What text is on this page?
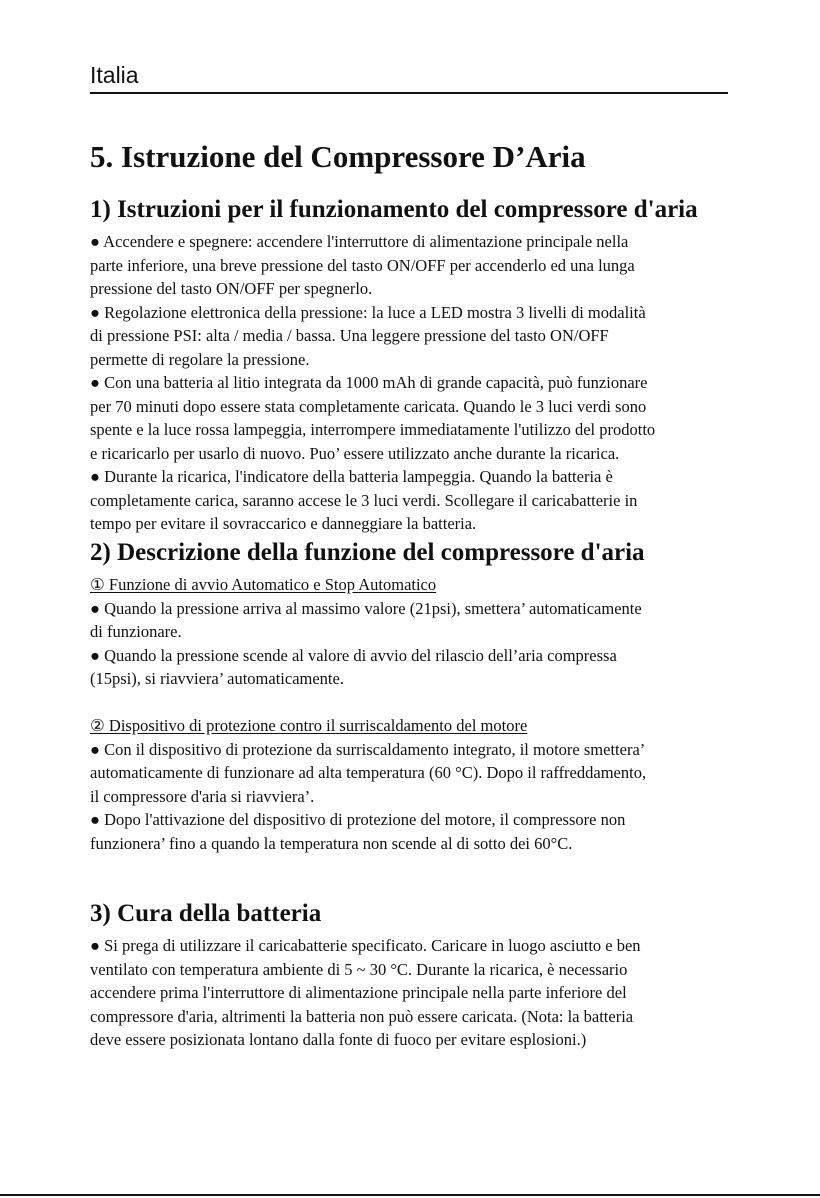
Italia
5. Istruzione del Compressore D’Aria
1) Istruzioni per il funzionamento del compressore d'aria
● Accendere e spegnere: accendere l'interruttore di alimentazione principale nella
parte inferiore, una breve pressione del tasto ON/OFF per accenderlo ed una lunga
pressione del tasto ON/OFF per spegnerlo.
● Regolazione elettronica della pressione: la luce a LED mostra 3 livelli di modalità
di pressione PSI: alta / media / bassa. Una leggere pressione del tasto ON/OFF
permette di regolare la pressione.
● Con una batteria al litio integrata da 1000 mAh di grande capacità, può funzionare
per 70 minuti dopo essere stata completamente caricata. Quando le 3 luci verdi sono
spente e la luce rossa lampeggia, interrompere immediatamente l'utilizzo del prodotto
e ricaricarlo per usarlo di nuovo. Puo’ essere utilizzato anche durante la ricarica.
● Durante la ricarica, l'indicatore della batteria lampeggia. Quando la batteria è
completamente carica, saranno accese le 3 luci verdi. Scollegare il caricabatterie in
tempo per evitare il sovraccarico e danneggiare la batteria.
2) Descrizione della funzione del compressore d'aria
① Funzione di avvio Automatico e Stop Automatico
● Quando la pressione arriva al massimo valore (21psi), smettera’ automaticamente
di funzionare.
● Quando la pressione scende al valore di avvio del rilascio dell’aria compressa
(15psi), si riavviera’ automaticamente.
② Dispositivo di protezione contro il surriscaldamento del motore
● Con il dispositivo di protezione da surriscaldamento integrato, il motore smettera’
automaticamente di funzionare ad alta temperatura (60 °C). Dopo il raffreddamento,
il compressore d'aria si riavviera’.
● Dopo l'attivazione del dispositivo di protezione del motore, il compressore non
funzionera’ fino a quando la temperatura non scende al di sotto dei 60°C.
3) Cura della batteria
● Si prega di utilizzare il caricabatterie specificato. Caricare in luogo asciutto e ben
ventilato con temperatura ambiente di 5 ~ 30 °C. Durante la ricarica, è necessario
accendere prima l'interruttore di alimentazione principale nella parte inferiore del
compressore d'aria, altrimenti la batteria non può essere caricata. (Nota: la batteria
deve essere posizionata lontano dalla fonte di fuoco per evitare esplosioni.)
